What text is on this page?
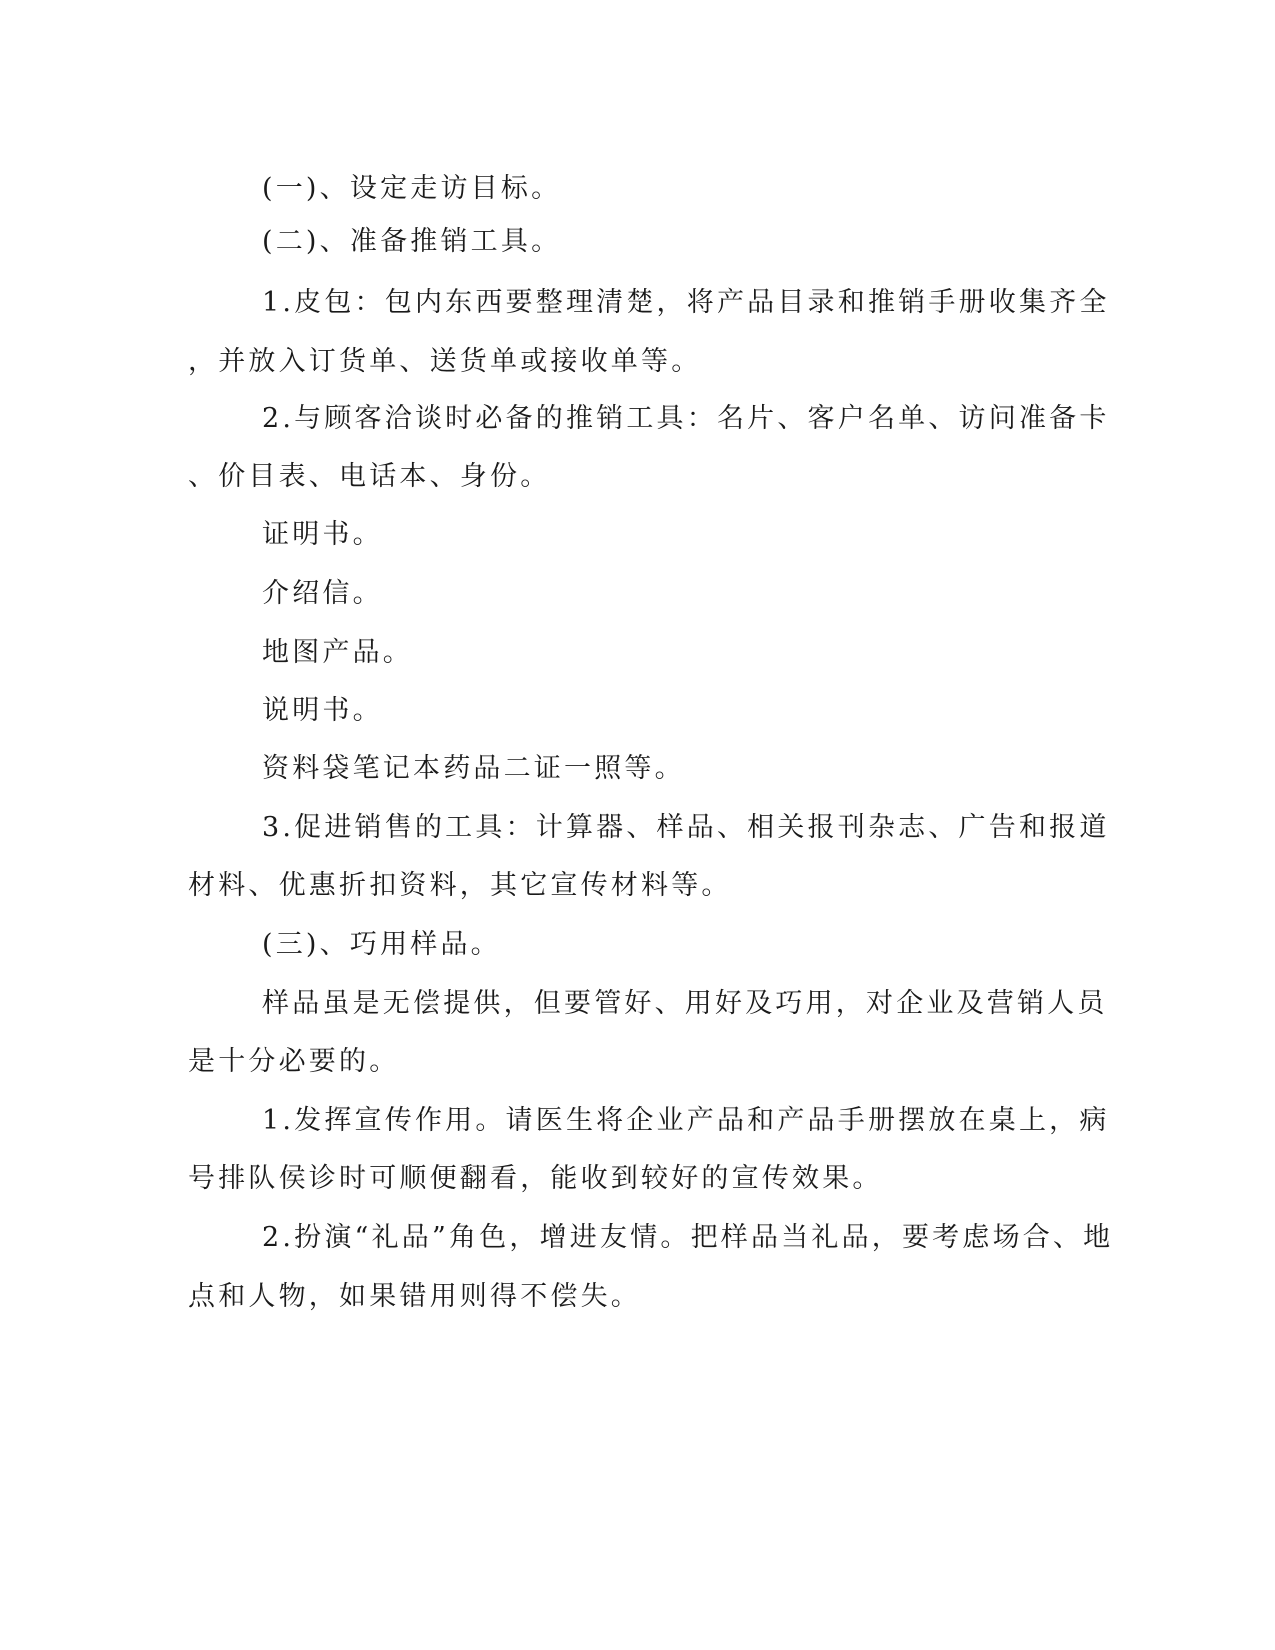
(一)、设定走访目标。
(二)、准备推销工具。
1.皮包：包内东西要整理清楚，将产品目录和推销手册收集齐全
，并放入订货单、送货单或接收单等。
2.与顾客洽谈时必备的推销工具：名片、客户名单、访问准备卡
、价目表、电话本、身份。
证明书。
介绍信。
地图产品。
说明书。
资料袋笔记本药品二证一照等。
3.促进销售的工具：计算器、样品、相关报刊杂志、广告和报道
材料、优惠折扣资料，其它宣传材料等。
(三)、巧用样品。
样品虽是无偿提供，但要管好、用好及巧用，对企业及营销人员
是十分必要的。
1.发挥宣传作用。请医生将企业产品和产品手册摆放在桌上，病
号排队侯诊时可顺便翻看，能收到较好的宣传效果。
2.扮演“礼品”角色，增进友情。把样品当礼品，要考虑场合、地
点和人物，如果错用则得不偿失。
